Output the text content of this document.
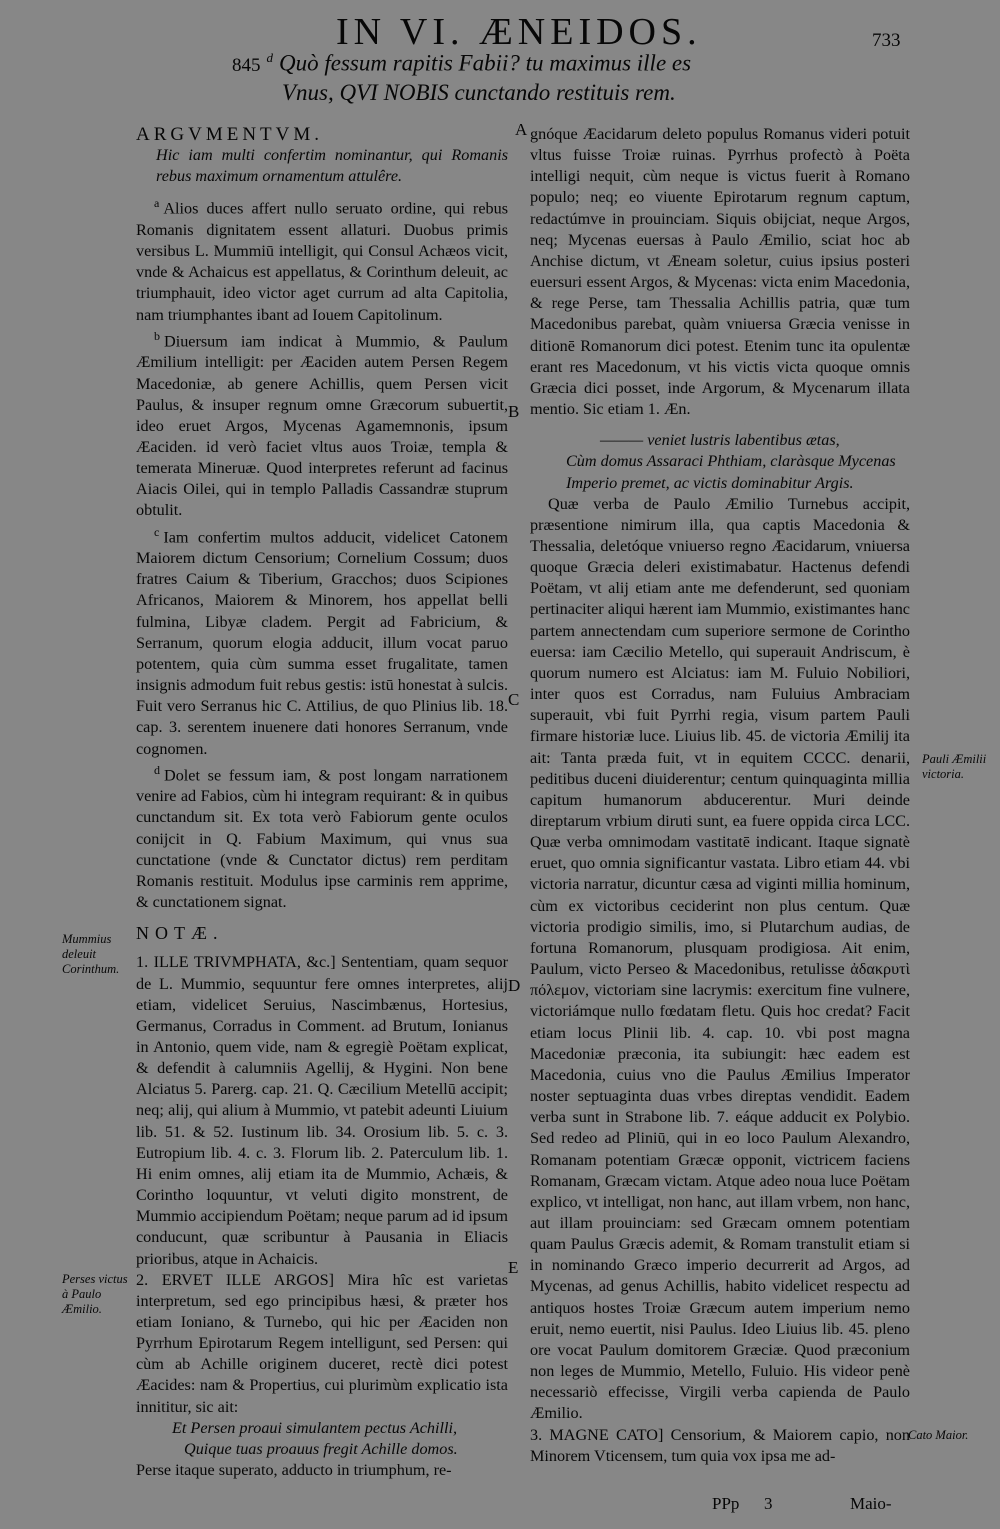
IN VI. ÆNEIDOS.	733
845 $^d$ Quò fessum rapitis Fabii? tu maximus ille es
Vnus, QVI NOBIS cunctando restituis rem.

ARGVMENTVM.

Hic iam multi confertim nominantur, qui Romanis rebus maximum ornamentum attulêre.

$^a$ Alios duces affert nullo seruato ordine, qui rebus Romanis dignitatem essent allaturi. Duobus primis versibus L. Mummiū intelligit, qui Consul Achæos vicit, vnde & Achaicus est appellatus, & Corinthum deleuit, ac triumphauit, ideo victor aget currum ad alta Capitolia, nam triumphantes ibant ad Iouem Capitolinum.

$^b$ Diuersum iam indicat à Mummio, & Paulum Æmilium intelligit: per Æaciden autem Persen Regem Macedoniæ, ab genere Achillis, quem Persen vicit Paulus, & insuper regnum omne Græcorum subuertit, ideo eruet Argos, Mycenas Agamemnonis, ipsum Æaciden. id verò faciet vltus auos Troiæ, templa & temerata Mineruæ. Quod interpretes referunt ad facinus Aiacis Oilei, qui in templo Palladis Cassandræ stuprum obtulit.

$^c$ Iam confertim multos adducit, videlicet Catonem Maiorem dictum Censorium; Cornelium Cossum; duos fratres Caium & Tiberium, Gracchos; duos Scipiones Africanos, Maiorem & Minorem, hos appellat belli fulmina, Libyæ cladem. Pergit ad Fabricium, & Serranum, quorum elogia adducit, illum vocat paruo potentem, quia cùm summa esset frugalitate, tamen insignis admodum fuit rebus gestis: istū honestat à sulcis. Fuit vero Serranus hic C. Attilius, de quo Plinius lib. 18. cap. 3. serentem inuenere dati honores Serranum, vnde cognomen.

$^d$ Dolet se fessum iam, & post longam narrationem venire ad Fabios, cùm hi integram requirant: & in quibus cunctandum sit. Ex tota verò Fabiorum gente oculos conijcit in Q. Fabium Maximum, qui vnus sua cunctatione (vnde & Cunctator dictus) rem perditam Romanis restituit. Modulus ipse carminis rem apprime, & cunctationem signat.

NOTÆ.

1. ILLE TRIVMPHATA, &c.] Sententiam, quam sequor de L. Mummio, sequuntur fere omnes interpretes, alij etiam, videlicet Seruius, Nascimbænus, Hortesius, Germanus, Corradus in Comment. ad Brutum, Ionianus in Antonio, quem vide, nam & egregiè Poëtam explicat, & defendit à calumniis Agellij, & Hygini. Non bene Alciatus 5. Parerg. cap. 21. Q. Cæcilium Metellū accipit; neq; alij, qui alium à Mummio, vt patebit adeunti Liuium lib. 51. & 52. Iustinum lib. 34. Orosium lib. 5. c. 3. Eutropium lib. 4. c. 3. Florum lib. 2. Paterculum lib. 1. Hi enim omnes, alij etiam ita de Mummio, Achæis, & Corintho loquuntur, vt veluti digito monstrent, de Mummio accipiendum Poëtam; neque parum ad id ipsum conducunt, quæ scribuntur à Pausania in Eliacis prioribus, atque in Achaicis.

2. ERVET ILLE ARGOS] Mira hîc est varietas interpretum, sed ego principibus hæsi, & præter hos etiam Ioniano, & Turnebo, qui hic per Æaciden non Pyrrhum Epirotarum Regem intelligunt, sed Persen: qui cùm ab Achille originem duceret, rectè dici potest Æacides: nam & Propertius, cui plurimùm explicatio ista innititur, sic ait:

Et Persen proaui simulantem pectus Achilli,

Quique tuas proauus fregit Achille domos.

Perse itaque superato, adducto in triumphum, re-

gnóque Æacidarum deleto populus Romanus videri potuit vltus fuisse Troiæ ruinas. Pyrrhus profectò à Poëta intelligi nequit, cùm neque is victus fuerit à Romano populo; neq; eo viuente Epirotarum regnum captum, redactúmve in prouinciam. Siquis obijciat, neque Argos, neq; Mycenas euersas à Paulo Æmilio, sciat hoc ab Anchise dictum, vt Æneam soletur, cuius ipsius posteri euersuri essent Argos, & Mycenas: victa enim Macedonia, & rege Perse, tam Thessalia Achillis patria, quæ tum Macedonibus parebat, quàm vniuersa Græcia venisse in ditionē Romanorum dici potest. Etenim tunc ita opulentæ erant res Macedonum, vt his victis victa quoque omnis Græcia dici posset, inde Argorum, & Mycenarum illata mentio. Sic etiam 1. Æn.

——— veniet lustris labentibus ætas,

Cùm domus Assaraci Phthiam, claràsque Mycenas

Imperio premet, ac victis dominabitur Argis.

Quæ verba de Paulo Æmilio Turnebus accipit, præsentione nimirum illa, qua captis Macedonia & Thessalia, deletóque vniuerso regno Æacidarum, vniuersa quoque Græcia deleri existimabatur. Hactenus defendi Poëtam, vt alij etiam ante me defenderunt, sed quoniam pertinaciter aliqui hærent iam Mummio, existimantes hanc partem annectendam cum superiore sermone de Corintho euersa: iam Cæcilio Metello, qui superauit Andriscum, è quorum numero est Alciatus: iam M. Fuluio Nobiliori, inter quos est Corradus, nam Fuluius Ambraciam superauit, vbi fuit Pyrrhi regia, visum partem Pauli firmare historiæ luce. Liuius lib. 45. de victoria Æmilij ita ait: Tanta præda fuit, vt in equitem CCCC. denarii, peditibus duceni diuiderentur; centum quinquaginta millia capitum humanorum abducerentur. Muri deinde direptarum vrbium diruti sunt, ea fuere oppida circa LCC. Quæ verba omnimodam vastitatē indicant. Itaque signatè eruet, quo omnia significantur vastata. Libro etiam 44. vbi victoria narratur, dicuntur cæsa ad viginti millia hominum, cùm ex victoribus ceciderint non plus centum. Quæ victoria prodigio similis, imo, si Plutarchum audias, de fortuna Romanorum, plusquam prodigiosa. Ait enim, Paulum, victo Perseo & Macedonibus, retulisse ἀδακρυτὶ πόλεμον, victoriam sine lacrymis: exercitum fine vulnere, victoriámque nullo fœdatam fletu. Quis hoc credat? Facit etiam locus Plinii lib. 4. cap. 10. vbi post magna Macedoniæ præconia, ita subiungit: hæc eadem est Macedonia, cuius vno die Paulus Æmilius Imperator noster septuaginta duas vrbes direptas vendidit. Eadem verba sunt in Strabone lib. 7. eáque adducit ex Polybio. Sed redeo ad Pliniū, qui in eo loco Paulum Alexandro, Romanam potentiam Græcæ opponit, victricem faciens Romanam, Græcam victam. Atque adeo noua luce Poëtam explico, vt intelligat, non hanc, aut illam vrbem, non hanc, aut illam prouinciam: sed Græcam omnem potentiam quam Paulus Græcis ademit, & Romam transtulit etiam si in nominando Græco imperio decurrerit ad Argos, ad Mycenas, ad genus Achillis, habito videlicet respectu ad antiquos hostes Troiæ Græcum autem imperium nemo eruit, nemo euertit, nisi Paulus. Ideo Liuius lib. 45. pleno ore vocat Paulum domitorem Græciæ. Quod præconium non leges de Mummio, Metello, Fuluio. His videor penè necessariò effecisse, Virgili verba capienda de Paulo Æmilio.

3. MAGNE CATO] Censorium, & Maiorem capio, non Minorem Vticensem, tum quia vox ipsa me ad-

Mummius deleuit Corinthum.
Perses victus à Paulo Æmilio.
Pauli Æmilii victoria.
Cato Maior.
A
B
C
D
E
PPp 3	Maio-
